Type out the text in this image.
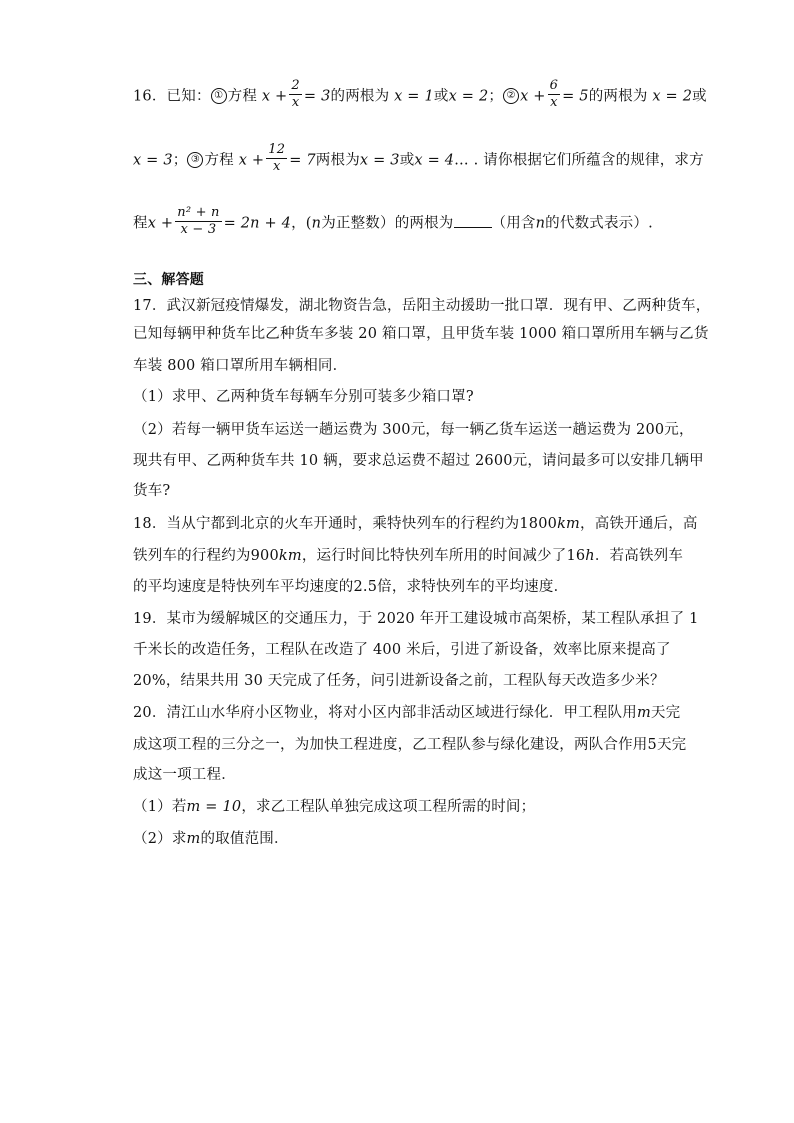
16．已知： ① 方程 $x + \frac{2}{x} = 3$的两根为 x = 1或x = 2； ② $x + \frac{6}{x} = 5$的两根为 x = 2或
x = 3； ③ 方程 $x + \frac{12}{x} = 7$两根为x = 3或x = 4… . 请你根据它们所蕴含的规律，求方
程$x + \frac{\text{n² + n}}{x - 3} = 2n + 4$，(n为正整数）的两根为	（用含n的代数式表示）.
三、解答题
17．武汉新冠疫情爆发，湖北物资告急，岳阳主动援助一批口罩．现有甲、乙两种货车，
已知每辆甲种货车比乙种货车多装 20 箱口罩，且甲货车装 1000 箱口罩所用车辆与乙货
车装 800 箱口罩所用车辆相同．
（1）求甲、乙两种货车每辆车分别可装多少箱口罩?
（2）若每一辆甲货车运送一趟运费为 300元，每一辆乙货车运送一趟运费为 200元，
现共有甲、乙两种货车共 10 辆，要求总运费不超过 2600元，请问最多可以安排几辆甲
货车?
18．当从宁都到北京的火车开通时，乘特快列车的行程约为1800km，高铁开通后，高
铁列车的行程约为900km，运行时间比特快列车所用的时间减少了16h．若高铁列车
的平均速度是特快列车平均速度的2.5倍，求特快列车的平均速度．
19．某市为缓解城区的交通压力，于 2020 年开工建设城市高架桥，某工程队承担了 1
千米长的改造任务，工程队在改造了 400 米后，引进了新设备，效率比原来提高了
20%，结果共用 30 天完成了任务，问引进新设备之前，工程队每天改造多少米？
20．清江山水华府小区物业，将对小区内部非活动区域进行绿化．甲工程队用m天完
成这项工程的三分之一，为加快工程进度，乙工程队参与绿化建设，两队合作用5天完
成这一项工程．
（1）若m = 10，求乙工程队单独完成这项工程所需的时间；
（2）求m的取值范围．
